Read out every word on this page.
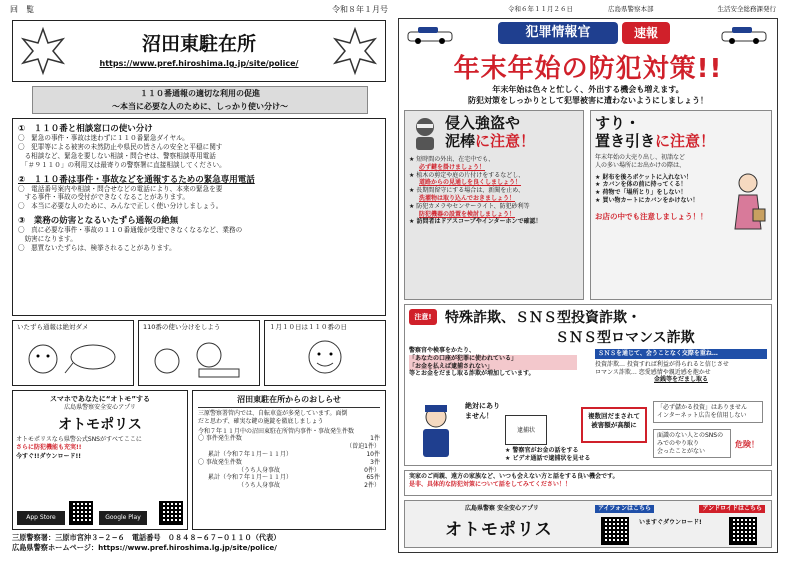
回　覧	令和８年１月号
沼田東駐在所
https://www.pref.hiroshima.lg.jp/site/police/
１１０番通報の適切な利用の促進
〜本当に必要な人のために、しっかり使い分け〜
①　１１０番と相談窓口の使い分け
〇　緊急の事件・事故は迷わずに１１０番緊急ダイヤル。
〇　犯罪等による被害の未然防止や県民の皆さんの安全と平穏に関す
　る相談など、緊急を要しない相談・問合せは、警察相談専用電話
　「＃９１１０」の利用又は最寄りの警察署に直接相談してください。
②　１１０番は事件・事故などを通報するための緊急専用電話
〇　電話番号案内や相談・問合せなどの電話により、本来の緊急を要
　する事件・事故の受付ができなくなることがあります。
〇　本当に必要な人のために、みんなで正しく使い分けしましょう。
③　業務の妨害となるいたずら通報の絶無
〇　真に必要な事件・事故の１１０番通報が受理できなくなるなど、業務の
　妨害になります。
〇　悪質ないたずらは、検挙されることがあります。
いたずら通報は絶対ダメ	110番の使い分けをしよう	１月１０日は１１０番の日
スマホであなたに“オトモ”する
広島県警察安全安心アプリ
オトモポリス
オトモポリスなら県警公式SNSがすべてここに
さらに防犯機能も充実!!
今すぐ!!ダウンロード!!
App Store	Google Play
沼田東駐在所からのおしらせ
三原警察署管内では、自転車盗が多発しています。面倒
だと思わず、確実な鍵の施錠を徹底しましょう
令和７年１１月中の沼田東駐在所管内事件・事故発生件数
〇 事件発生件数	1件
（曽迫1件）
累計（令和７年１月〜１１月）	10件
〇 事故発生件数	3件
（うち人身事故	0件）
累計（令和７年１月〜１１月）	65件
（うち人身事故	2件）
三原警察署：三原市宮沖３−２−６　電話番号　０８４８−６７−０１１０（代表）
広島県警察ホームページ：https://www.pref.hiroshima.lg.jp/site/police/
令和６年１１月２６日	広島県警察本部	生活安全総務課発行
犯罪情報官	速報
年末年始の防犯対策!!
年末年始は色々と忙しく、外出する機会も増えます。
防犯対策をしっかりとして犯罪被害に遭わないようにしましょう！
侵入強盗や
泥棒に注意！
★ 短時間の外出、在宅中でも、
必ず鍵を掛けましょう！
★ 植木の剪定や庭の片付けをするなどし、
道路からの見通しを良くしましょう！
★ 長期間留守にする場合は、新聞を止め、
洗濯物は取り込んでおきましょう！
★ 防犯カメラやセンサーライト、防犯砂利等
防犯機器の設置を検討しましょう！
★ 訪問者はドアスコープやインターホンで確認！
すり・
置き引きに注意！
年末年始の大売り出し、初詣など
人の多い場所にお出かけの際は、
★ 財布を後ろポケットに入れない！
★ カバンを体の前に持ってくる！
★ 荷物で「場所とり」をしない！
★ 買い物カートにカバンをかけない！
お店の中でも注意しましょう！！
注意! 特殊詐欺、ＳＮＳ型投資詐欺・
ＳＮＳ型ロマンス詐欺
警察官や検事をかたり、
「あなたの口座が犯罪に使われている」
「お金を払えば逮捕されない」
等とお金をだまし取る詐欺が増加しています。
絶対にありません！
逮捕状
★ 警察官がお金の話をする
★ ビデオ通話で逮捕状を見せる
ＳＮＳを通じて、会うことなく交際を重ね…
投資詐欺… 投資すれば利益が得られると信じさせ
ロマンス詐欺… 恋愛感情や親近感を抱かせ
金銭等をだまし取る
複数回だまされて被害額が高額に
「必ず儲かる投資」はありません
インターネット広告を信用しない
面識のない人とのSNSのみでのやり取り
会ったことがない
危険！
実家のご両親、遠方の家族など、いつも会えない方と話をする良い機会です。
是非、具体的な防犯対策について話をしてみてください！！
広島県警察 安全安心アプリ
オトモポリス
アイフォンはこちら
いますぐダウンロード!
アンドロイドはこちら
